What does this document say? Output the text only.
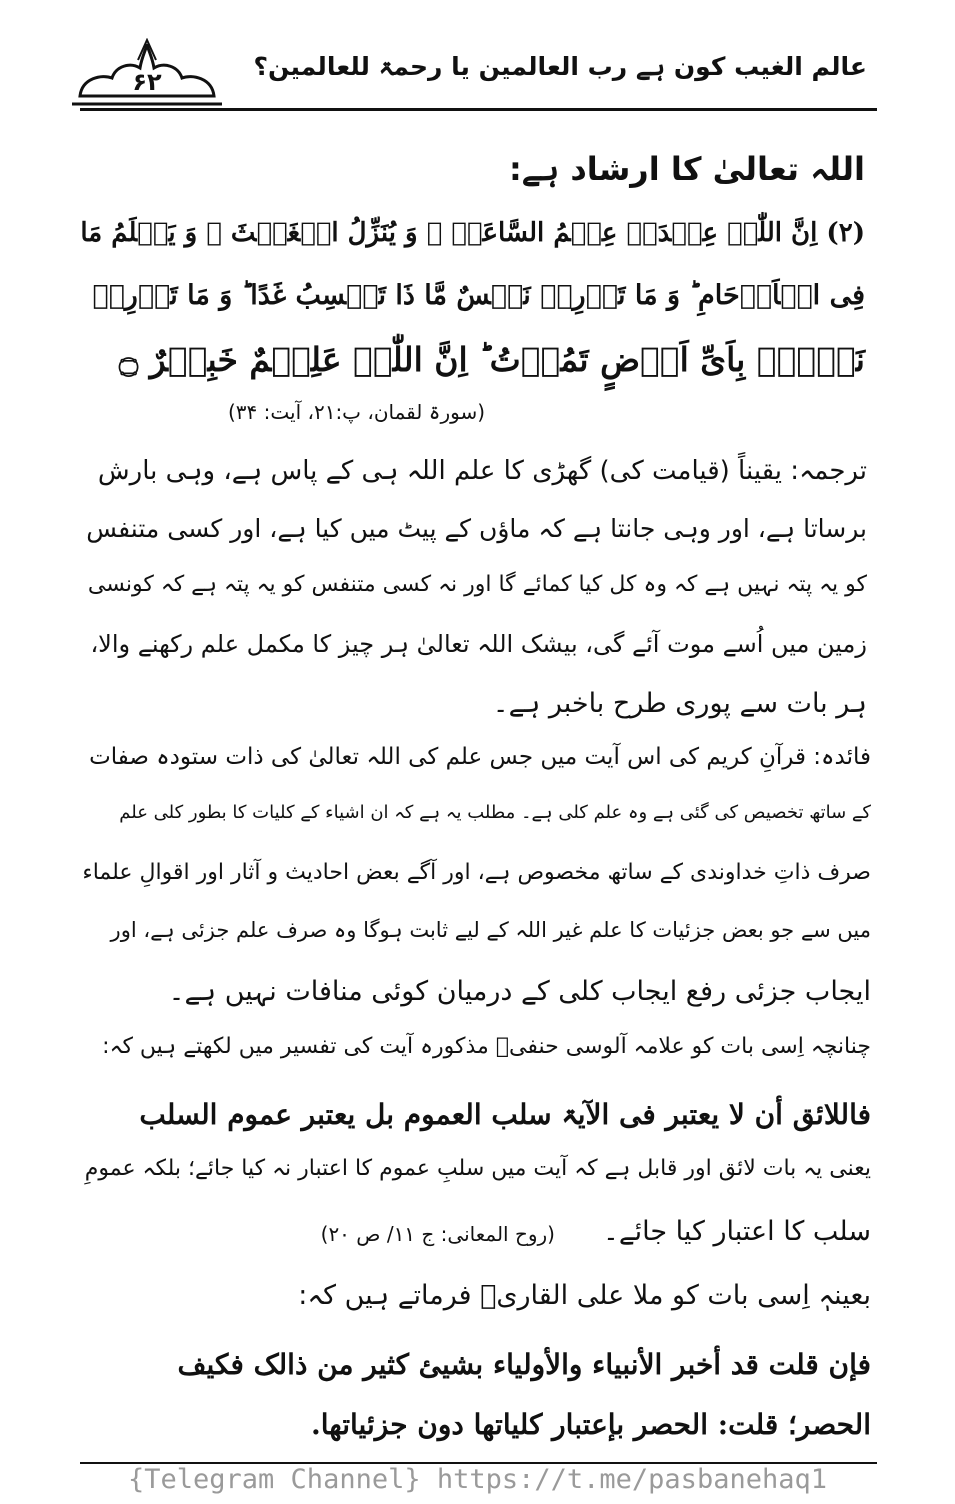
عالم الغیب کون ہے رب العالمین یا رحمۃ للعالمین؟
۶۲
اللہ تعالیٰ کا ارشاد ہے:
(۲) اِنَّ اللّٰہَ عِنۡدَہٗ عِلۡمُ السَّاعَۃِ ۚ وَ یُنَزِّلُ الۡغَیۡثَ ۚ وَ یَعۡلَمُ مَا
فِی الۡاَرۡحَامِ ؕ وَ مَا تَدۡرِیۡ نَفۡسٌ مَّا ذَا تَکۡسِبُ غَدًا ؕ وَ مَا تَدۡرِیۡ
نَفۡسٌۢ بِاَیِّ اَرۡضٍ تَمُوۡتُ ؕ اِنَّ اللّٰہَ عَلِیۡمٌ خَبِیۡرٌ ۝
(سورۃ لقمان، پ:۲۱، آیت: ۳۴)
ترجمہ: یقیناً (قیامت کی) گھڑی کا علم اللہ ہی کے پاس ہے، وہی بارش
برساتا ہے، اور وہی جانتا ہے کہ ماؤں کے پیٹ میں کیا ہے، اور کسی متنفس
کو یہ پتہ نہیں ہے کہ وہ کل کیا کمائے گا اور نہ کسی متنفس کو یہ پتہ ہے کہ کونسی
زمین میں اُسے موت آئے گی، بیشک اللہ تعالیٰ ہر چیز کا مکمل علم رکھنے والا،
ہر بات سے پوری طرح باخبر ہے۔
فائدہ: قرآنِ کریم کی اس آیت میں جس علم کی اللہ تعالیٰ کی ذات ستودہ صفات
کے ساتھ تخصیص کی گئی ہے وہ علم کلی ہے۔ مطلب یہ ہے کہ ان اشیاء کے کلیات کا بطور کلی علم
صرف ذاتِ خداوندی کے ساتھ مخصوص ہے، اور آگے بعض احادیث و آثار اور اقوالِ علماء
میں سے جو بعض جزئیات کا علم غیر اللہ کے لیے ثابت ہوگا وہ صرف علم جزئی ہے، اور
ایجاب جزئی رفع ایجاب کلی کے درمیان کوئی منافات نہیں ہے۔
چنانچہ اِسی بات کو علامہ آلوسی حنفیؒ مذکورہ آیت کی تفسیر میں لکھتے ہیں کہ:
فاللائق أن لا یعتبر فی الآیۃ سلب العموم بل یعتبر عموم السلب
یعنی یہ بات لائق اور قابل ہے کہ آیت میں سلبِ عموم کا اعتبار نہ کیا جائے؛ بلکہ عمومِ
سلب کا اعتبار کیا جائے۔
(روح المعانی: ج ۱۱/ ص ۲۰)
بعینہٖ اِسی بات کو ملا علی القاریؒ فرماتے ہیں کہ:
فإن قلت قد أخبر الأنبیاء والأولیاء بشیئ کثیر من ذالک فکیف
الحصر؛ قلت: الحصر بإعتبار کلیاتھا دون جزئیاتھا.
{Telegram Channel} https://t.me/pasbanehaq1
